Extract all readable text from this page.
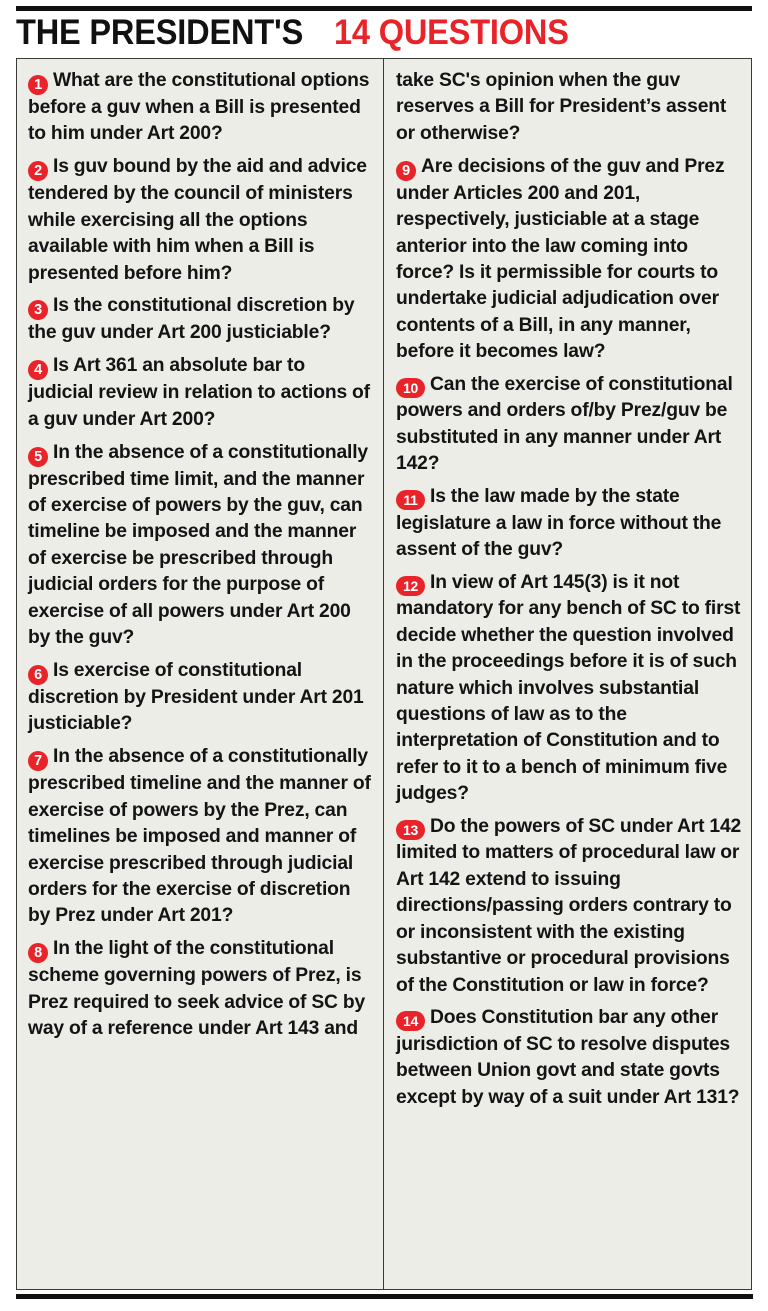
THE PRESIDENT'S 14 QUESTIONS

1 What are the constitutional options before a guv when a Bill is presented to him under Art 200?

2 Is guv bound by the aid and advice tendered by the council of ministers while exercising all the options available with him when a Bill is presented before him?

3 Is the constitutional discretion by the guv under Art 200 justiciable?

4 Is Art 361 an absolute bar to judicial review in relation to actions of a guv under Art 200?

5 In the absence of a constitutionally prescribed time limit, and the manner of exercise of powers by the guv, can timeline be imposed and the manner of exercise be prescribed through judicial orders for the purpose of exercise of all powers under Art 200 by the guv?

6 Is exercise of constitutional discretion by President under Art 201 justiciable?

7 In the absence of a constitutionally prescribed timeline and the manner of exercise of powers by the Prez, can timelines be imposed and manner of exercise prescribed through judicial orders for the exercise of discretion by Prez under Art 201?

8 In the light of the constitutional scheme governing powers of Prez, is Prez required to seek advice of SC by way of a reference under Art 143 and

take SC's opinion when the guv reserves a Bill for President’s assent or otherwise?

9 Are decisions of the guv and Prez under Articles 200 and 201, respectively, justiciable at a stage anterior into the law coming into force? Is it permissible for courts to undertake judicial adjudication over contents of a Bill, in any manner, before it becomes law?

10 Can the exercise of constitutional powers and orders of/by Prez/guv be substituted in any manner under Art 142?

11 Is the law made by the state legislature a law in force without the assent of the guv?

12 In view of Art 145(3) is it not mandatory for any bench of SC to first decide whether the question involved in the proceedings before it is of such nature which involves substantial questions of law as to the interpretation of Constitution and to refer to it to a bench of minimum five judges?

13 Do the powers of SC under Art 142 limited to matters of procedural law or Art 142 extend to issuing directions/passing orders contrary to or inconsistent with the existing substantive or procedural provisions of the Constitution or law in force?

14 Does Constitution bar any other jurisdiction of SC to resolve disputes between Union govt and state govts except by way of a suit under Art 131?
